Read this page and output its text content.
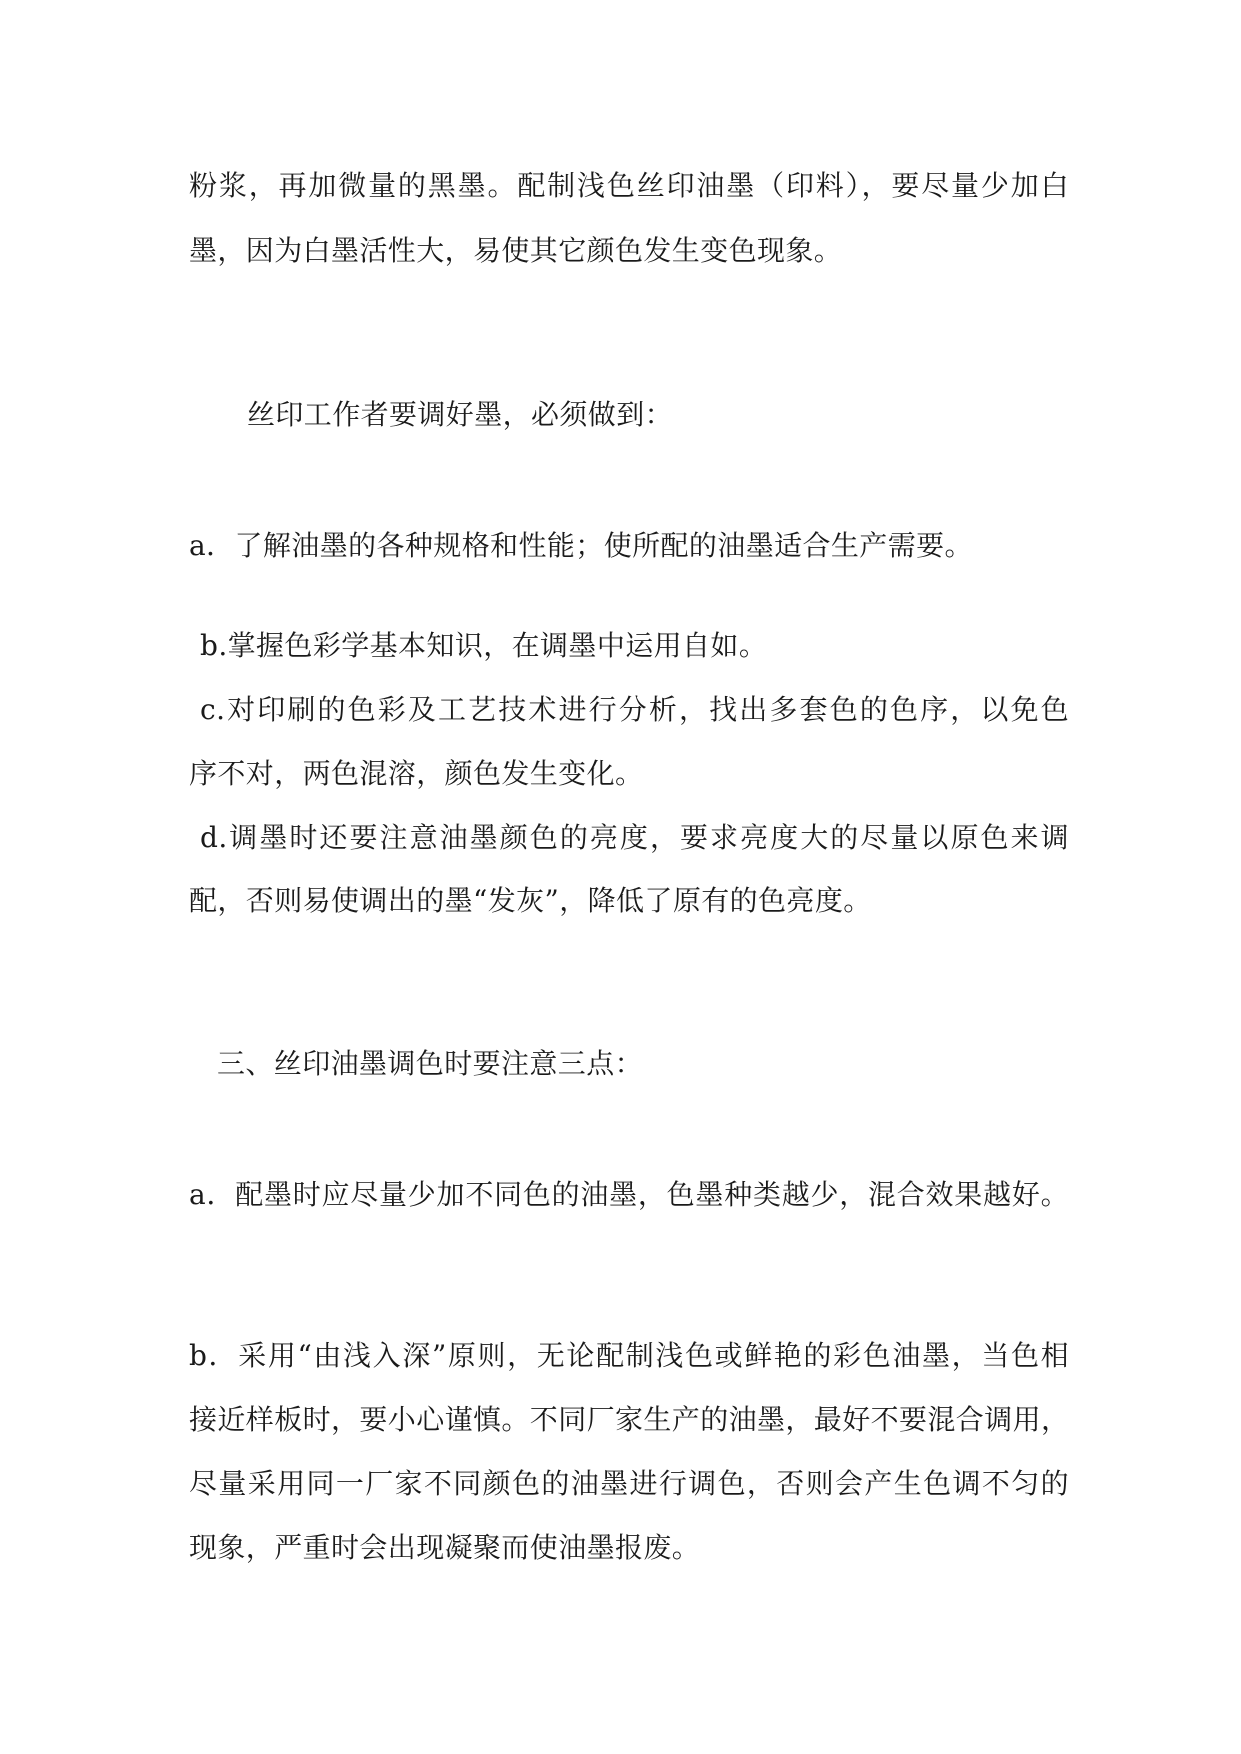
粉浆，再加微量的黑墨。配制浅色丝印油墨（印料），要尽量少加白
墨，因为白墨活性大，易使其它颜色发生变色现象。
丝印工作者要调好墨，必须做到：
a．了解油墨的各种规格和性能；使所配的油墨适合生产需要。
b.掌握色彩学基本知识，在调墨中运用自如。
c.对印刷的色彩及工艺技术进行分析，找出多套色的色序，以免色
序不对，两色混溶，颜色发生变化。
d.调墨时还要注意油墨颜色的亮度，要求亮度大的尽量以原色来调
配，否则易使调出的墨“发灰”，降低了原有的色亮度。
三、丝印油墨调色时要注意三点：
a．配墨时应尽量少加不同色的油墨，色墨种类越少，混合效果越好。
b．采用“由浅入深”原则，无论配制浅色或鲜艳的彩色油墨，当色相
接近样板时，要小心谨慎。不同厂家生产的油墨，最好不要混合调用，
尽量采用同一厂家不同颜色的油墨进行调色，否则会产生色调不匀的
现象，严重时会出现凝聚而使油墨报废。
